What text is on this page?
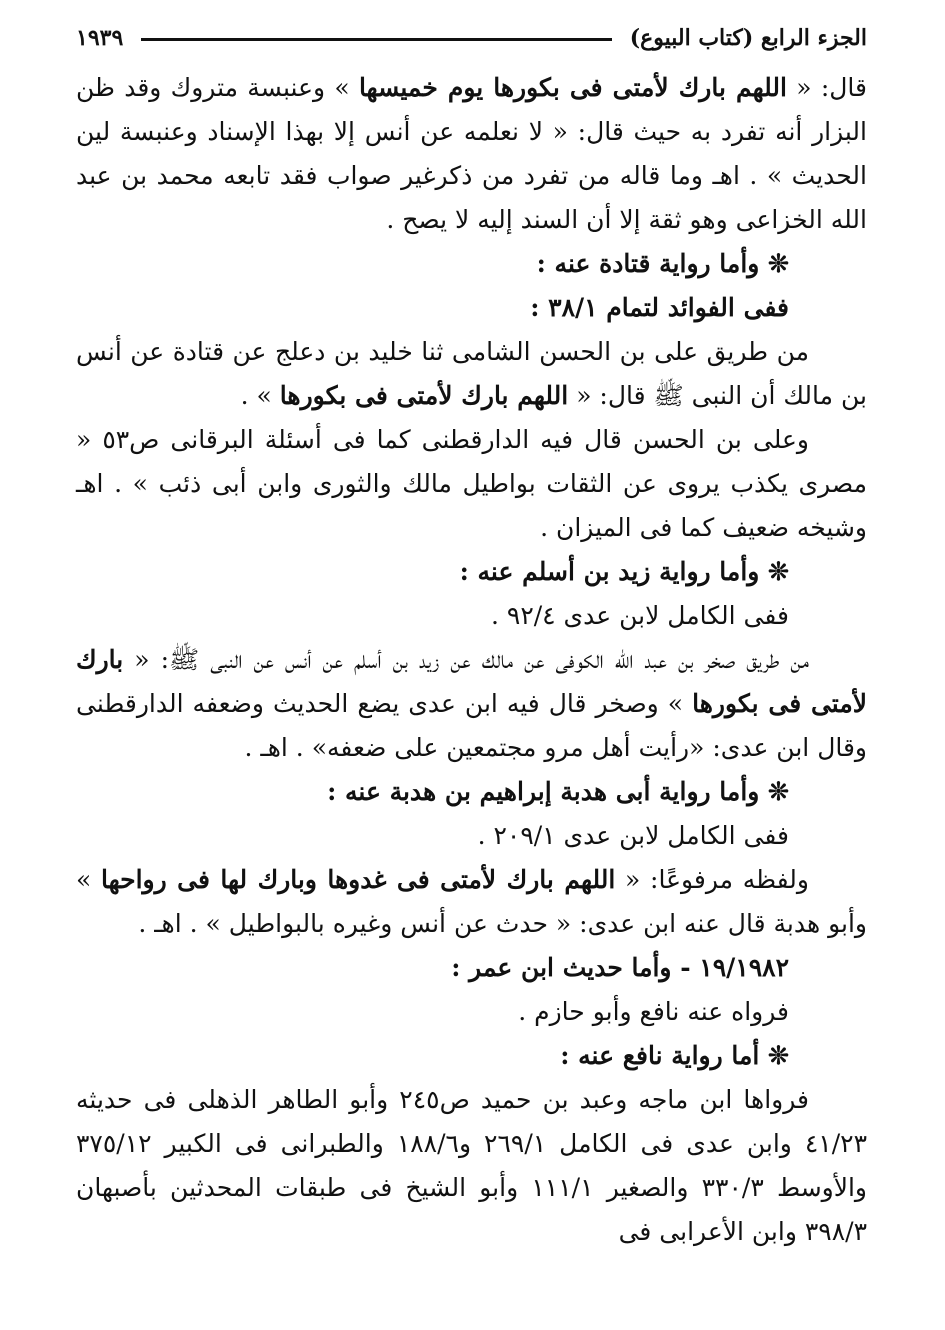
الجزء الرابع (كتاب البيوع)
١٩٣٩

قال: « اللهم بارك لأمتى فى بكورها يوم خميسها » وعنبسة متروك وقد ظن البزار أنه تفرد به حيث قال: « لا نعلمه عن أنس إلا بهذا الإسناد وعنبسة لين الحديث » . اهـ وما قاله من تفرد من ذكرغير صواب فقد تابعه محمد بن عبد الله الخزاعى وهو ثقة إلا أن السند إليه لا يصح .

❊ وأما رواية قتادة عنه :

ففى الفوائد لتمام ٣٨/١ :

من طريق على بن الحسن الشامى ثنا خليد بن دعلج عن قتادة عن أنس بن مالك أن النبى ﷺ قال: « اللهم بارك لأمتى فى بكورها » .

وعلى بن الحسن قال فيه الدارقطنى كما فى أسئلة البرقانى ص٥٣ « مصرى يكذب يروى عن الثقات بواطيل مالك والثورى وابن أبى ذئب » . اهـ وشيخه ضعيف كما فى الميزان .

❊ وأما رواية زيد بن أسلم عنه :

ففى الكامل لابن عدى ٩٢/٤ .

من طريق صخر بن عبد الله الكوفى عن مالك عن زيد بن أسلم عن أنس عن النبى ﷺ: « بارك لأمتى فى بكورها » وصخر قال فيه ابن عدى يضع الحديث وضعفه الدارقطنى وقال ابن عدى: «رأيت أهل مرو مجتمعين على ضعفه» . اهـ .

❊ وأما رواية أبى هدبة إبراهيم بن هدبة عنه :

ففى الكامل لابن عدى ٢٠٩/١ .

ولفظه مرفوعًا: « اللهم بارك لأمتى فى غدوها وبارك لها فى رواحها » وأبو هدبة قال عنه ابن عدى: « حدث عن أنس وغيره بالبواطيل » . اهـ .

١٩/١٩٨٢ - وأما حديث ابن عمر :

فرواه عنه نافع وأبو حازم .

❊ أما رواية نافع عنه :

فرواها ابن ماجه وعبد بن حميد ص٢٤٥ وأبو الطاهر الذهلى فى حديثه ٤١/٢٣ وابن عدى فى الكامل ٢٦٩/١ و١٨٨/٦ والطبرانى فى الكبير ٣٧٥/١٢ والأوسط ٣٣٠/٣ والصغير ١١١/١ وأبو الشيخ فى طبقات المحدثين بأصبهان ٣٩٨/٣ وابن الأعرابى فى
